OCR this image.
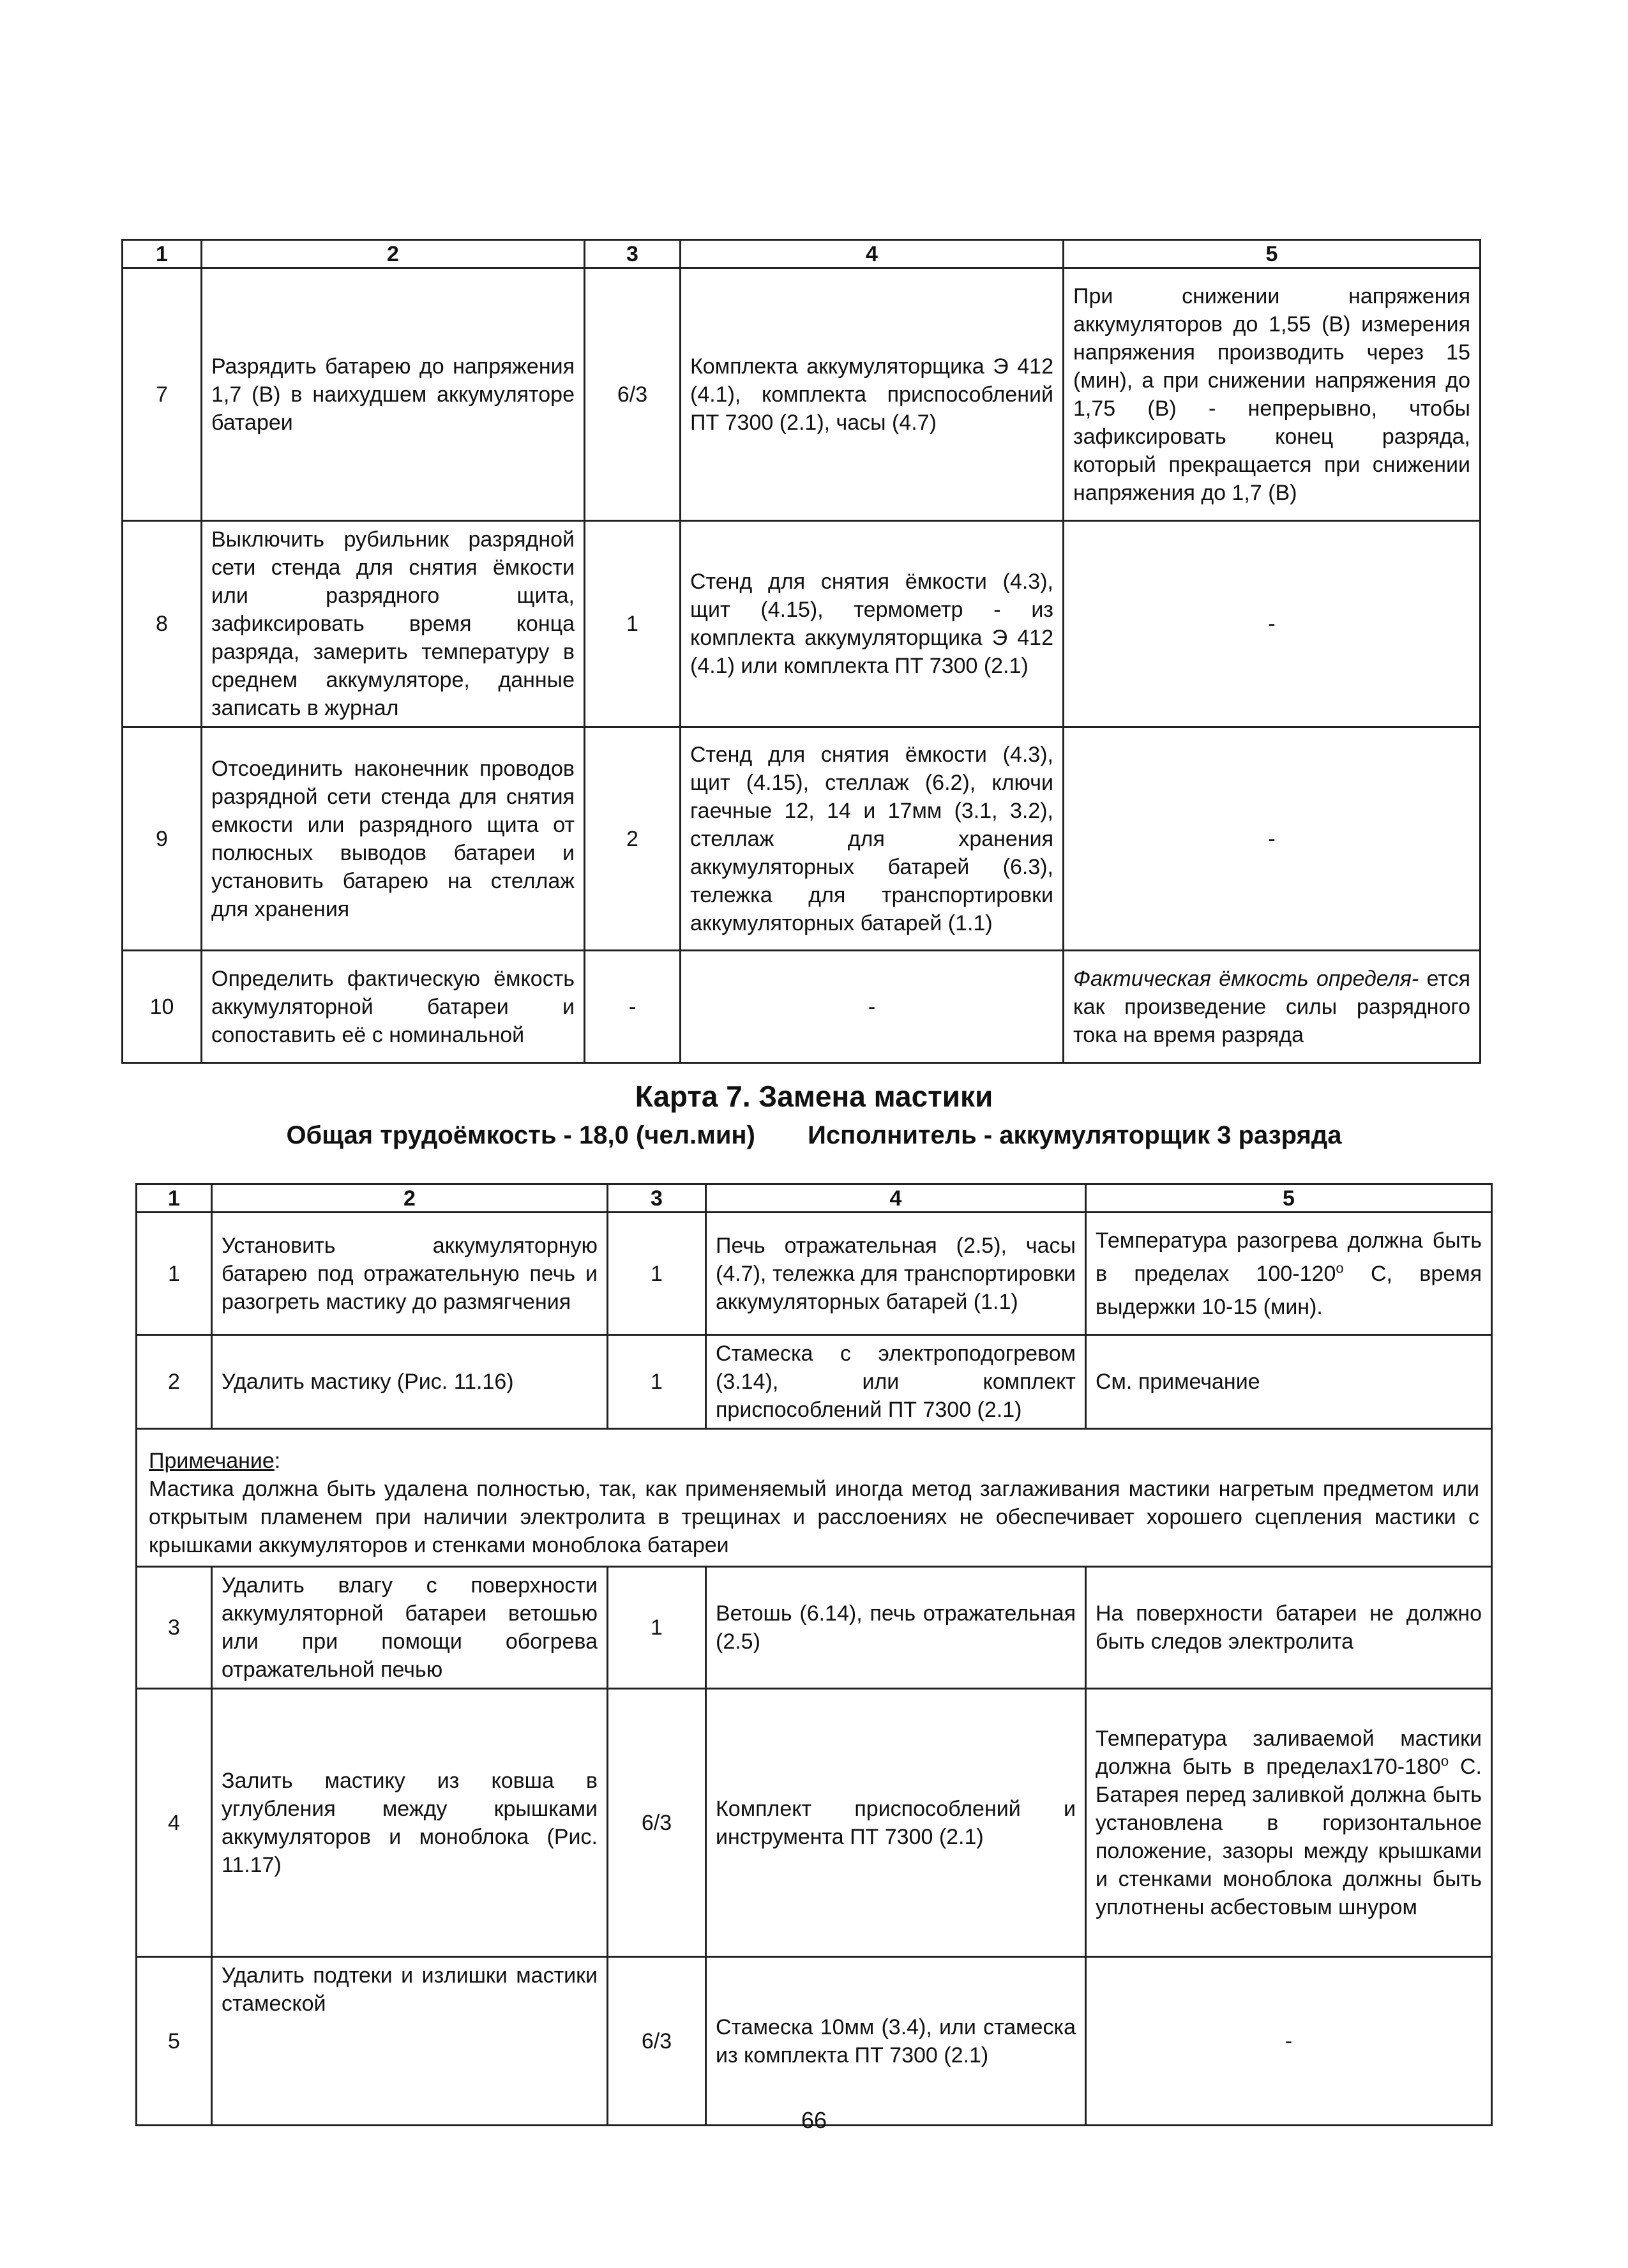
1	2	3	4	5
7	Разрядить батарею до напряжения 1,7 (В) в наихудшем аккумуляторе батареи	6/3	Комплекта аккумуляторщика Э 412 (4.1), комплекта приспособлений ПТ 7300 (2.1), часы (4.7)	При снижении напряжения аккумуляторов до 1,55 (В) измерения напряжения производить через 15 (мин), а при снижении напряжения до 1,75 (В) - непрерывно, чтобы зафиксировать конец разряда, который прекращается при снижении напряжения до 1,7 (В)
8	Выключить рубильник разрядной сети стенда для снятия ёмкости или разрядного щита, зафиксировать время конца разряда, замерить температуру в среднем аккумуляторе, данные записать в журнал	1	Стенд для снятия ёмкости (4.3), щит (4.15), термометр - из комплекта аккумуляторщика Э 412 (4.1) или комплекта ПТ 7300 (2.1)	-
9	Отсоединить наконечник проводов разрядной сети стенда для снятия емкости или разрядного щита от полюсных выводов батареи и установить батарею на стеллаж для хранения	2	Стенд для снятия ёмкости (4.3), щит (4.15), стеллаж (6.2), ключи гаечные 12, 14 и 17мм (3.1, 3.2), стеллаж для хранения аккумуляторных батарей (6.3), тележка для транспортировки аккумуляторных батарей (1.1)	-
10	Определить фактическую ёмкость аккумуляторной батареи и сопоставить её с номинальной	-	-	Фактическая ёмкость определя- ется как произведение силы разрядного тока на время разряда
Карта 7. Замена мастики
Общая трудоёмкость - 18,0 (чел.мин) Исполнитель - аккумуляторщик 3 разряда
1	2	3	4	5
1	Установить аккумуляторную батарею под отражательную печь и разогреть мастику до размягчения	1	Печь отражательная (2.5), часы (4.7), тележка для транспортировки аккумуляторных батарей (1.1)	Температура разогрева должна быть в пределах 100-120$^o$ С, время выдержки 10-15 (мин).
2	Удалить мастику (Рис. 11.16)	1	Стамеска с электроподогревом (3.14), или комплект приспособлений ПТ 7300 (2.1)	См. примечание
Примечание:
Мастика должна быть удалена полностью, так, как применяемый иногда метод заглаживания мастики нагретым предметом или открытым пламенем при наличии электролита в трещинах и расслоениях не обеспечивает хорошего сцепления мастики с крышками аккумуляторов и стенками моноблока батареи				
3	Удалить влагу с поверхности аккумуляторной батареи ветошью или при помощи обогрева отражательной печью	1	Ветошь (6.14), печь отражательная (2.5)	На поверхности батареи не должно быть следов электролита
4	Залить мастику из ковша в углубления между крышками аккумуляторов и моноблока (Рис. 11.17)	6/3	Комплект приспособлений и инструмента ПТ 7300 (2.1)	Температура заливаемой мастики должна быть в пределах170-180$^o$ С. Батарея перед заливкой должна быть установлена в горизонтальное положение, зазоры между крышками и стенками моноблока должны быть уплотнены асбестовым шнуром
5	Удалить подтеки и излишки мастики стамеской	6/3	Стамеска 10мм (3.4), или стамеска из комплекта ПТ 7300 (2.1)	-
66
